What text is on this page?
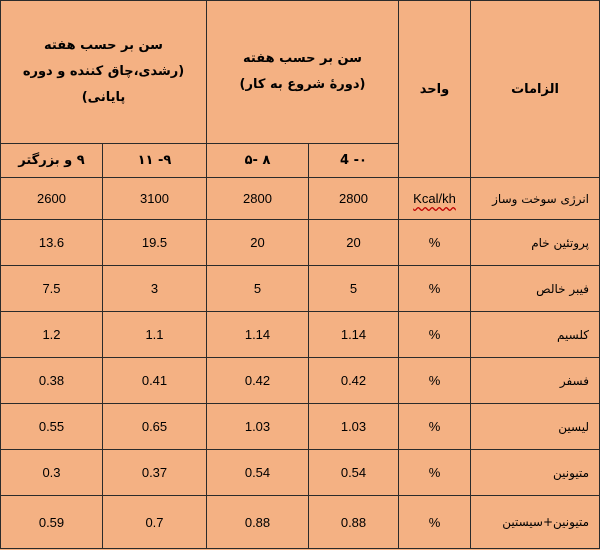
سن بر حسب هفته (رشدی،چاق کننده و دوره پایانی)		سن بر حسب هفته (دورهٔ شروع به کار)		واحد	الزامات
۹ و بزرگتر	۹- ۱۱	۸ -۵	۰- 4		
2600	3100	2800	2800	Kcal/kh	انرژی سوخت وساز
13.6	19.5	20	20	%	پروتئین خام
7.5	3	5	5	%	فیبر خالص
1.2	1.1	1.14	1.14	%	کلسیم
0.38	0.41	0.42	0.42	%	فسفر
0.55	0.65	1.03	1.03	%	لیسین
0.3	0.37	0.54	0.54	%	متیونین
0.59	0.7	0.88	0.88	%	متیونین+سیستین
